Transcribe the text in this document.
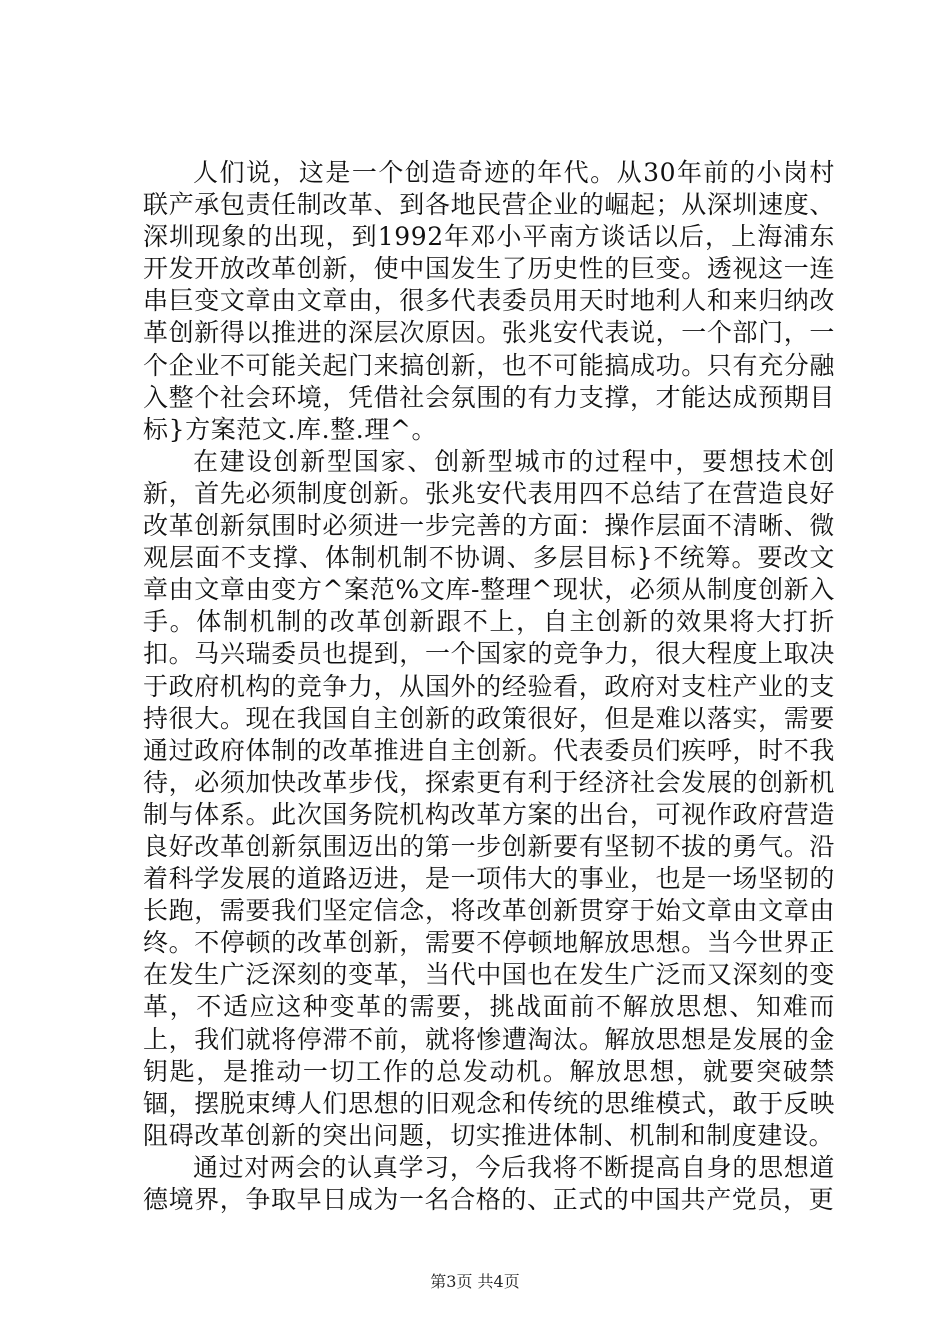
人们说，这是一个创造奇迹的年代。从30年前的小岗村联产承包责任制改革、到各地民营企业的崛起；从深圳速度、深圳现象的出现，到1992年邓小平南方谈话以后，上海浦东开发开放改革创新，使中国发生了历史性的巨变。透视这一连串巨变文章由文章由，很多代表委员用天时地利人和来归纳改革创新得以推进的深层次原因。张兆安代表说，一个部门，一个企业不可能关起门来搞创新，也不可能搞成功。只有充分融入整个社会环境，凭借社会氛围的有力支撑，才能达成预期目标}方案范文.库.整.理^。

在建设创新型国家、创新型城市的过程中，要想技术创新，首先必须制度创新。张兆安代表用四不总结了在营造良好改革创新氛围时必须进一步完善的方面：操作层面不清晰、微观层面不支撑、体制机制不协调、多层目标}不统筹。要改文章由文章由变方^案范%文库-整理^现状，必须从制度创新入手。体制机制的改革创新跟不上，自主创新的效果将大打折扣。马兴瑞委员也提到，一个国家的竞争力，很大程度上取决于政府机构的竞争力，从国外的经验看，政府对支柱产业的支持很大。现在我国自主创新的政策很好，但是难以落实，需要通过政府体制的改革推进自主创新。代表委员们疾呼，时不我待，必须加快改革步伐，探索更有利于经济社会发展的创新机制与体系。此次国务院机构改革方案的出台，可视作政府营造良好改革创新氛围迈出的第一步创新要有坚韧不拔的勇气。沿着科学发展的道路迈进，是一项伟大的事业，也是一场坚韧的长跑，需要我们坚定信念，将改革创新贯穿于始文章由文章由终。不停顿的改革创新，需要不停顿地解放思想。当今世界正在发生广泛深刻的变革，当代中国也在发生广泛而又深刻的变革，不适应这种变革的需要，挑战面前不解放思想、知难而上，我们就将停滞不前，就将惨遭淘汰。解放思想是发展的金钥匙，是推动一切工作的总发动机。解放思想，就要突破禁锢，摆脱束缚人们思想的旧观念和传统的思维模式，敢于反映阻碍改革创新的突出问题，切实推进体制、机制和制度建设。

通过对两会的认真学习，今后我将不断提高自身的思想道德境界，争取早日成为一名合格的、正式的中国共产党员，更

第3页 共4页
